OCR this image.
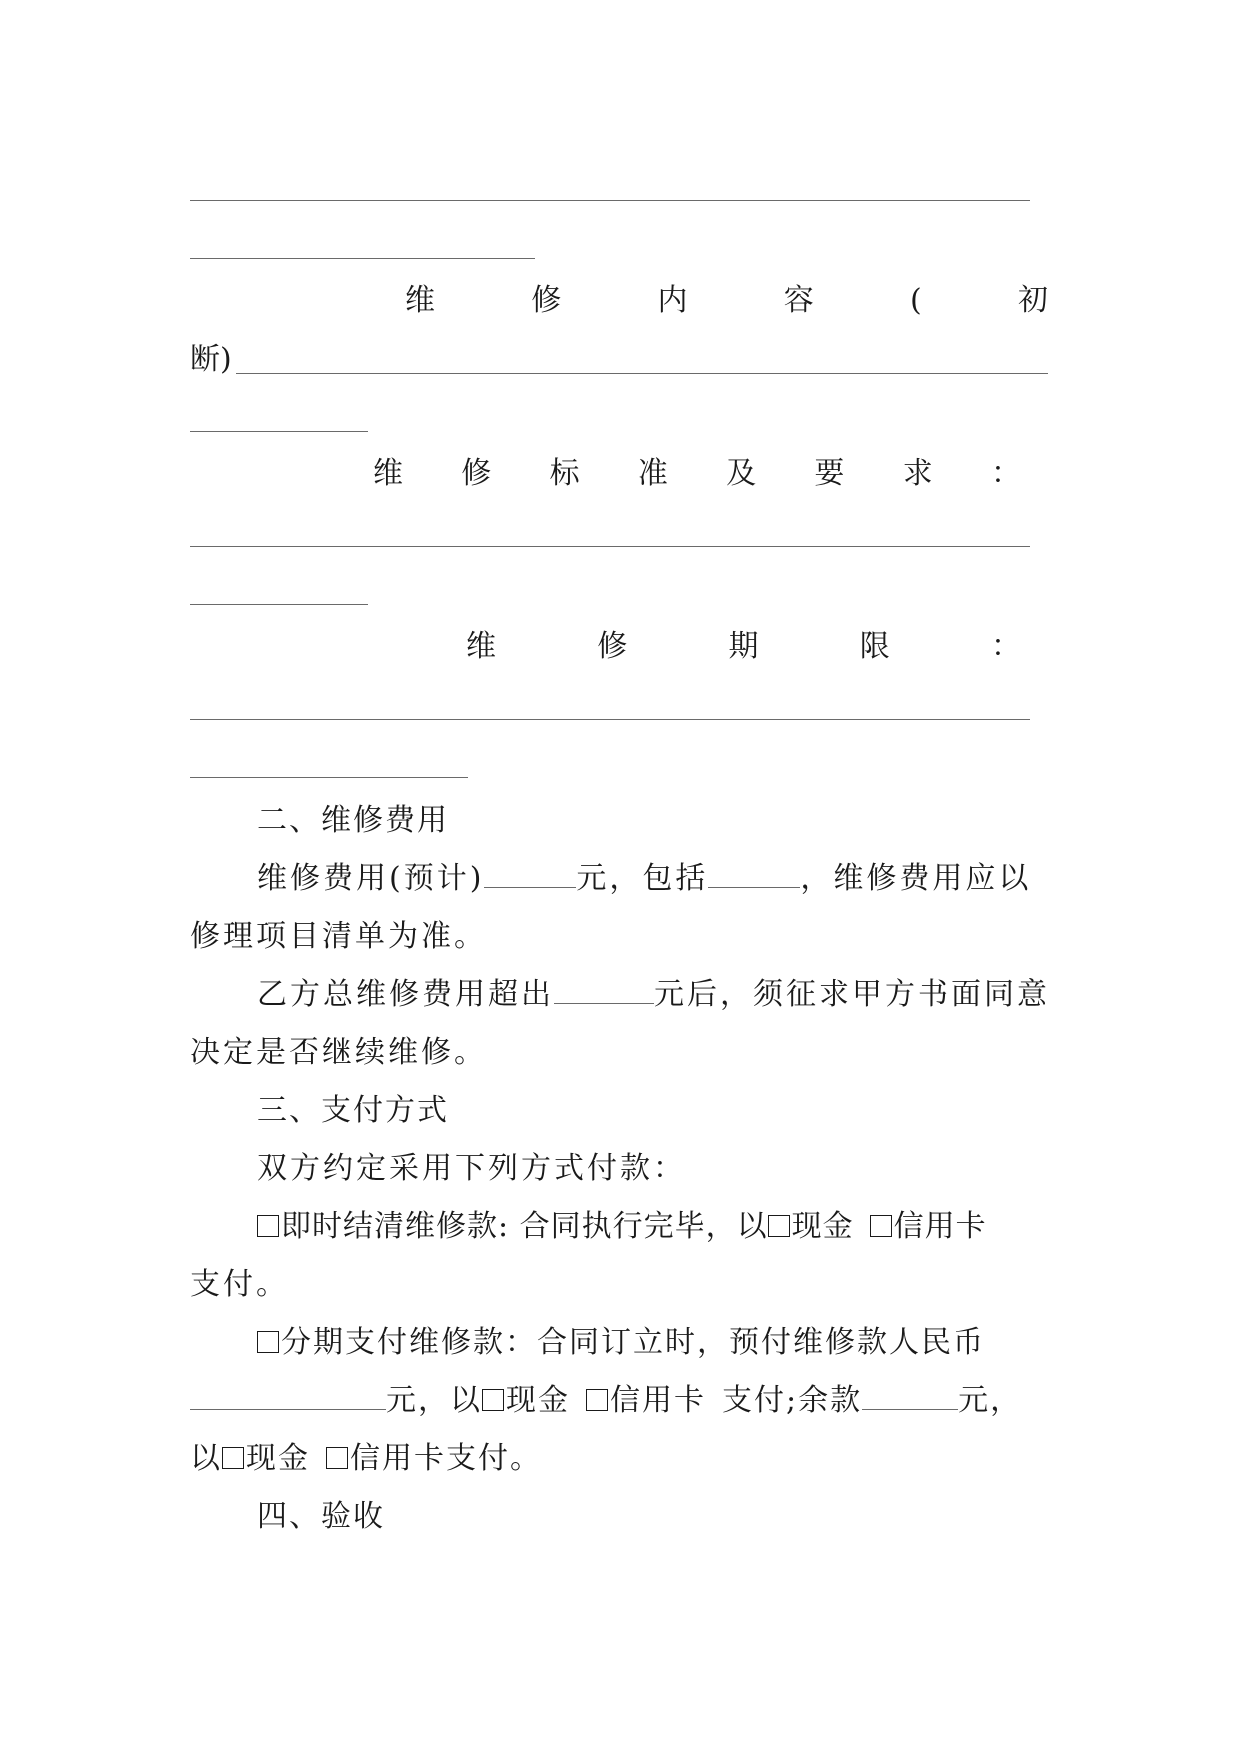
维	修	内	容	(	初
断)
维 修 标 准 及 要 求 ：
维	修	期	限	：
二、维修费用
维修费用(预计)	元，包括	，维修费用应以
修理项目清单为准。
乙方总维修费用超出	元后，须征求甲方书面同意
决定是否继续维修。
三、支付方式
双方约定采用下列方式付款：
即时结清维修款: 合同执行完毕，以 现金 信用卡
支付。
分期支付维修款：合同订立时，预付维修款人民币
元，以 现金 信用卡 支付;余款	元，
以 现金 信用卡支付。
四、验收
